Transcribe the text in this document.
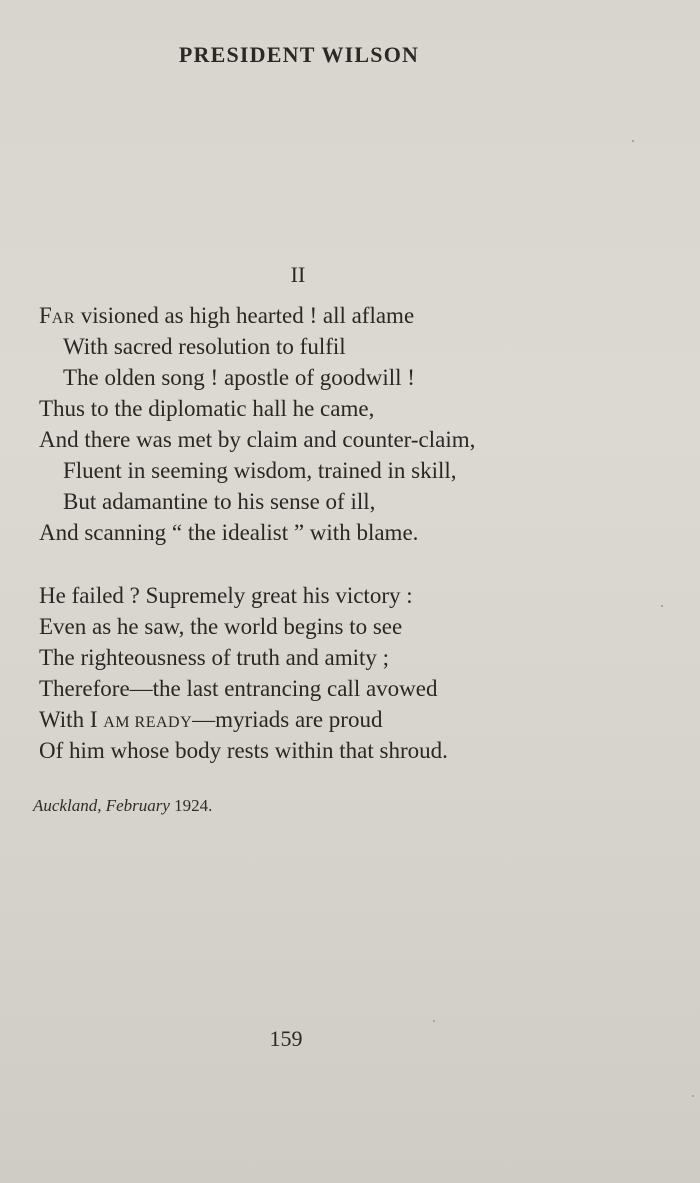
PRESIDENT WILSON
II
FAR visioned as high hearted ! all aflame
With sacred resolution to fulfil
The olden song ! apostle of goodwill !
Thus to the diplomatic hall he came,
And there was met by claim and counter-claim,
Fluent in seeming wisdom, trained in skill,
But adamantine to his sense of ill,
And scanning “ the idealist ” with blame.
He failed ? Supremely great his victory :
Even as he saw, the world begins to see
The righteousness of truth and amity ;
Therefore—the last entrancing call avowed
With I AM READY—myriads are proud
Of him whose body rests within that shroud.
Auckland, February 1924.
159
